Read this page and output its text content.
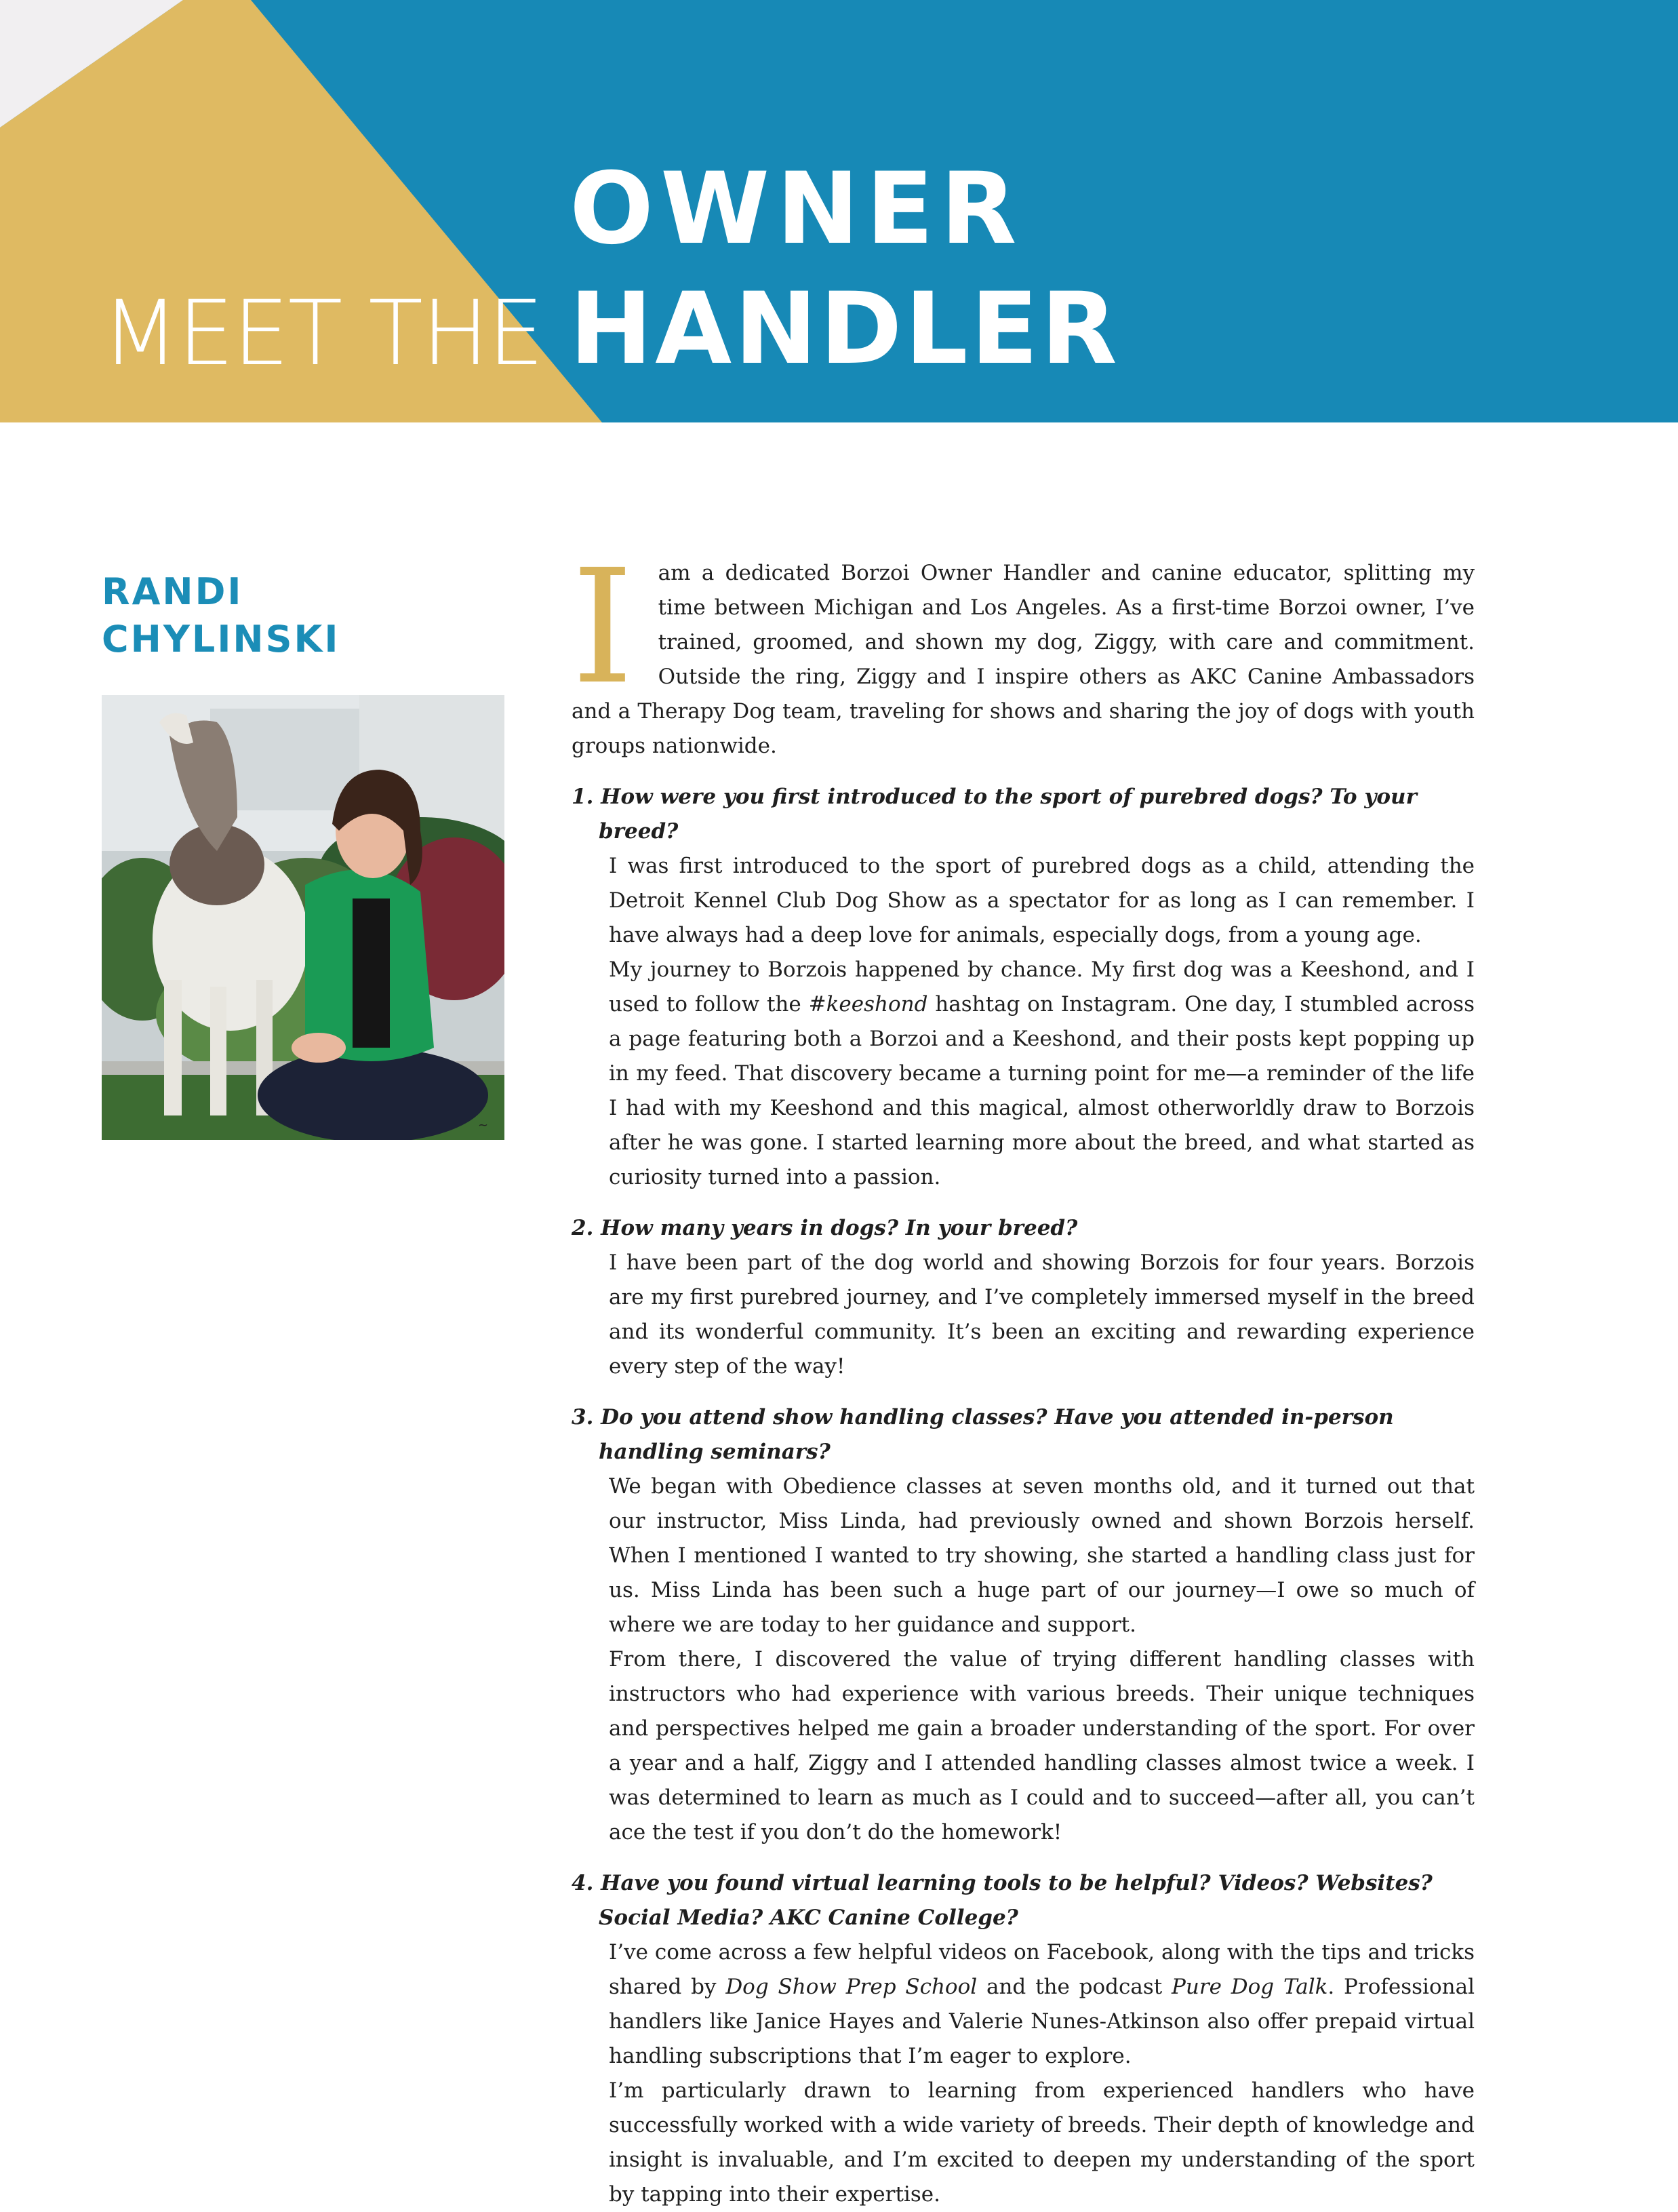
OWNER
MEET THE HANDLER
RANDI
CHYLINSKI
~

I am a dedicated Borzoi Owner Handler and canine educator, splitting my time between Michigan and Los Angeles. As a first-time Borzoi owner, I’ve trained, groomed, and shown my dog, Ziggy, with care and commitment. Outside the ring, Ziggy and I inspire others as AKC Canine Ambassadors and a Therapy Dog team, traveling for shows and sharing the joy of dogs with youth groups nationwide.

1. How were you first introduced to the sport of purebred dogs? To your breed?

I was first introduced to the sport of purebred dogs as a child, attending the Detroit Kennel Club Dog Show as a spectator for as long as I can remember. I have always had a deep love for animals, especially dogs, from a young age.

My journey to Borzois happened by chance. My first dog was a Keeshond, and I used to follow the #keeshond hashtag on Instagram. One day, I stumbled across a page featuring both a Borzoi and a Keeshond, and their posts kept popping up in my feed. That discovery became a turning point for me—a reminder of the life I had with my Keeshond and this magical, almost otherworldly draw to Borzois after he was gone. I started learning more about the breed, and what started as curiosity turned into a passion.

2. How many years in dogs? In your breed?

I have been part of the dog world and showing Borzois for four years. Borzois are my first purebred journey, and I’ve completely immersed myself in the breed and its wonderful community. It’s been an exciting and rewarding experience every step of the way!

3. Do you attend show handling classes? Have you attended in-person handling seminars?

We began with Obedience classes at seven months old, and it turned out that our instructor, Miss Linda, had previously owned and shown Borzois herself. When I mentioned I wanted to try showing, she started a handling class just for us. Miss Linda has been such a huge part of our journey—I owe so much of where we are today to her guidance and support.

From there, I discovered the value of trying different handling classes with instructors who had experience with various breeds. Their unique techniques and perspectives helped me gain a broader understanding of the sport. For over a year and a half, Ziggy and I attended handling classes almost twice a week. I was determined to learn as much as I could and to succeed—after all, you can’t ace the test if you don’t do the homework!

4. Have you found virtual learning tools to be helpful? Videos? Websites? Social Media? AKC Canine College?

I’ve come across a few helpful videos on Facebook, along with the tips and tricks shared by Dog Show Prep School and the podcast Pure Dog Talk. Professional handlers like Janice Hayes and Valerie Nunes-Atkinson also offer prepaid virtual handling subscriptions that I’m eager to explore.

I’m particularly drawn to learning from experienced handlers who have successfully worked with a wide variety of breeds. Their depth of knowledge and insight is invaluable, and I’m excited to deepen my understanding of the sport by tapping into their expertise.
